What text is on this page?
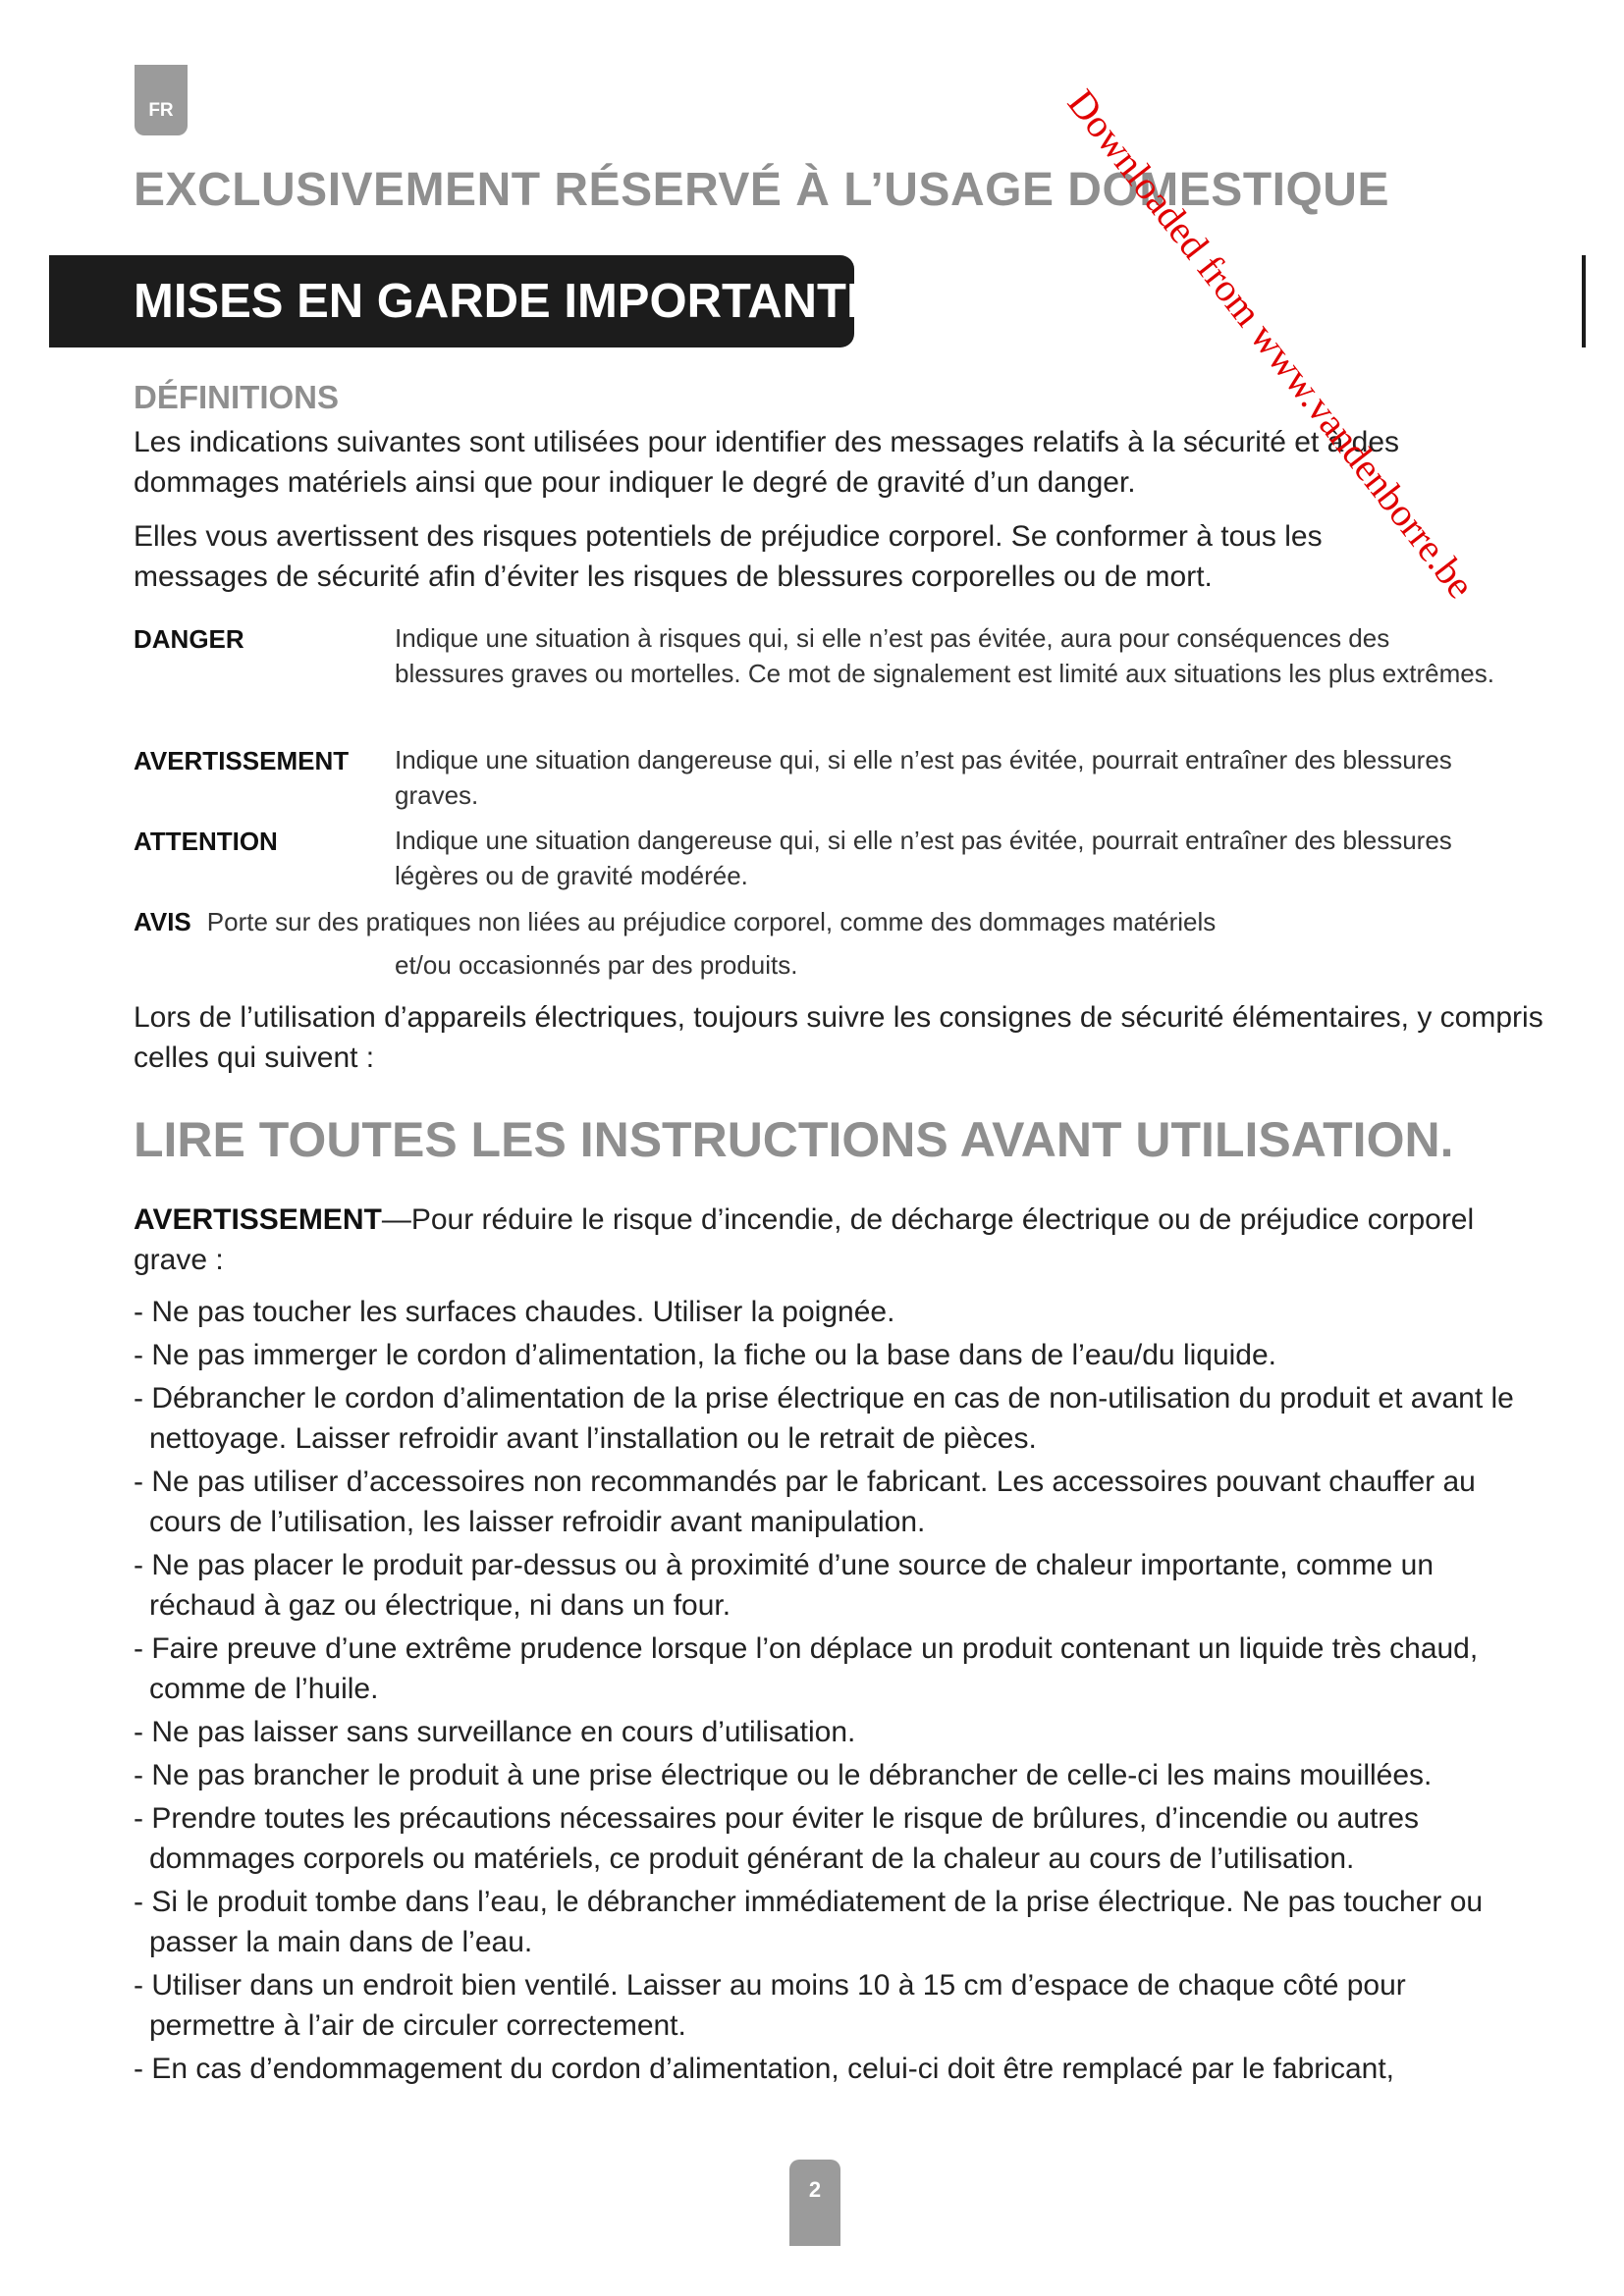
FR
EXCLUSIVEMENT RÉSERVÉ À L’USAGE DOMESTIQUE
MISES EN GARDE IMPORTANTES
DÉFINITIONS

Les indications suivantes sont utilisées pour identifier des messages relatifs à la sécurité et à des dommages matériels ainsi que pour indiquer le degré de gravité d’un danger.

Elles vous avertissent des risques potentiels de préjudice corporel. Se conformer à tous les messages de sécurité afin d’éviter les risques de blessures corporelles ou de mort.

DANGER	Indique une situation à risques qui, si elle n’est pas évitée, aura pour conséquences des blessures graves ou mortelles. Ce mot de signalement est limité aux situations les plus extrêmes.
AVERTISSEMENT Indique une situation dangereuse qui, si elle n’est pas évitée, pourrait entraîner des blessures graves.
ATTENTION	Indique une situation dangereuse qui, si elle n’est pas évitée, pourrait entraîner des blessures légères ou de gravité modérée.
AVIS Porte sur des pratiques non liées au préjudice corporel, comme des dommages matériels
et/ou occasionnés par des produits.

Lors de l’utilisation d’appareils électriques, toujours suivre les consignes de sécurité élémentaires, y compris celles qui suivent :

LIRE TOUTES LES INSTRUCTIONS AVANT UTILISATION.
AVERTISSEMENT—Pour réduire le risque d’incendie, de décharge électrique ou de préjudice corporel grave :
- Ne pas toucher les surfaces chaudes. Utiliser la poignée.
- Ne pas immerger le cordon d’alimentation, la fiche ou la base dans de l’eau/du liquide.
- Débrancher le cordon d’alimentation de la prise électrique en cas de non-utilisation du produit et avant le nettoyage. Laisser refroidir avant l’installation ou le retrait de pièces.
- Ne pas utiliser d’accessoires non recommandés par le fabricant. Les accessoires pouvant chauffer au cours de l’utilisation, les laisser refroidir avant manipulation.
- Ne pas placer le produit par-dessus ou à proximité d’une source de chaleur importante, comme un réchaud à gaz ou électrique, ni dans un four.
- Faire preuve d’une extrême prudence lorsque l’on déplace un produit contenant un liquide très chaud, comme de l’huile.
- Ne pas laisser sans surveillance en cours d’utilisation.
- Ne pas brancher le produit à une prise électrique ou le débrancher de celle-ci les mains mouillées.
- Prendre toutes les précautions nécessaires pour éviter le risque de brûlures, d’incendie ou autres dommages corporels ou matériels, ce produit générant de la chaleur au cours de l’utilisation.
- Si le produit tombe dans l’eau, le débrancher immédiatement de la prise électrique. Ne pas toucher ou passer la main dans de l’eau.
- Utiliser dans un endroit bien ventilé. Laisser au moins 10 à 15 cm d’espace de chaque côté pour permettre à l’air de circuler correctement.
- En cas d’endommagement du cordon d’alimentation, celui-ci doit être remplacé par le fabricant,
Downloaded from www.vandenborre.be
2
